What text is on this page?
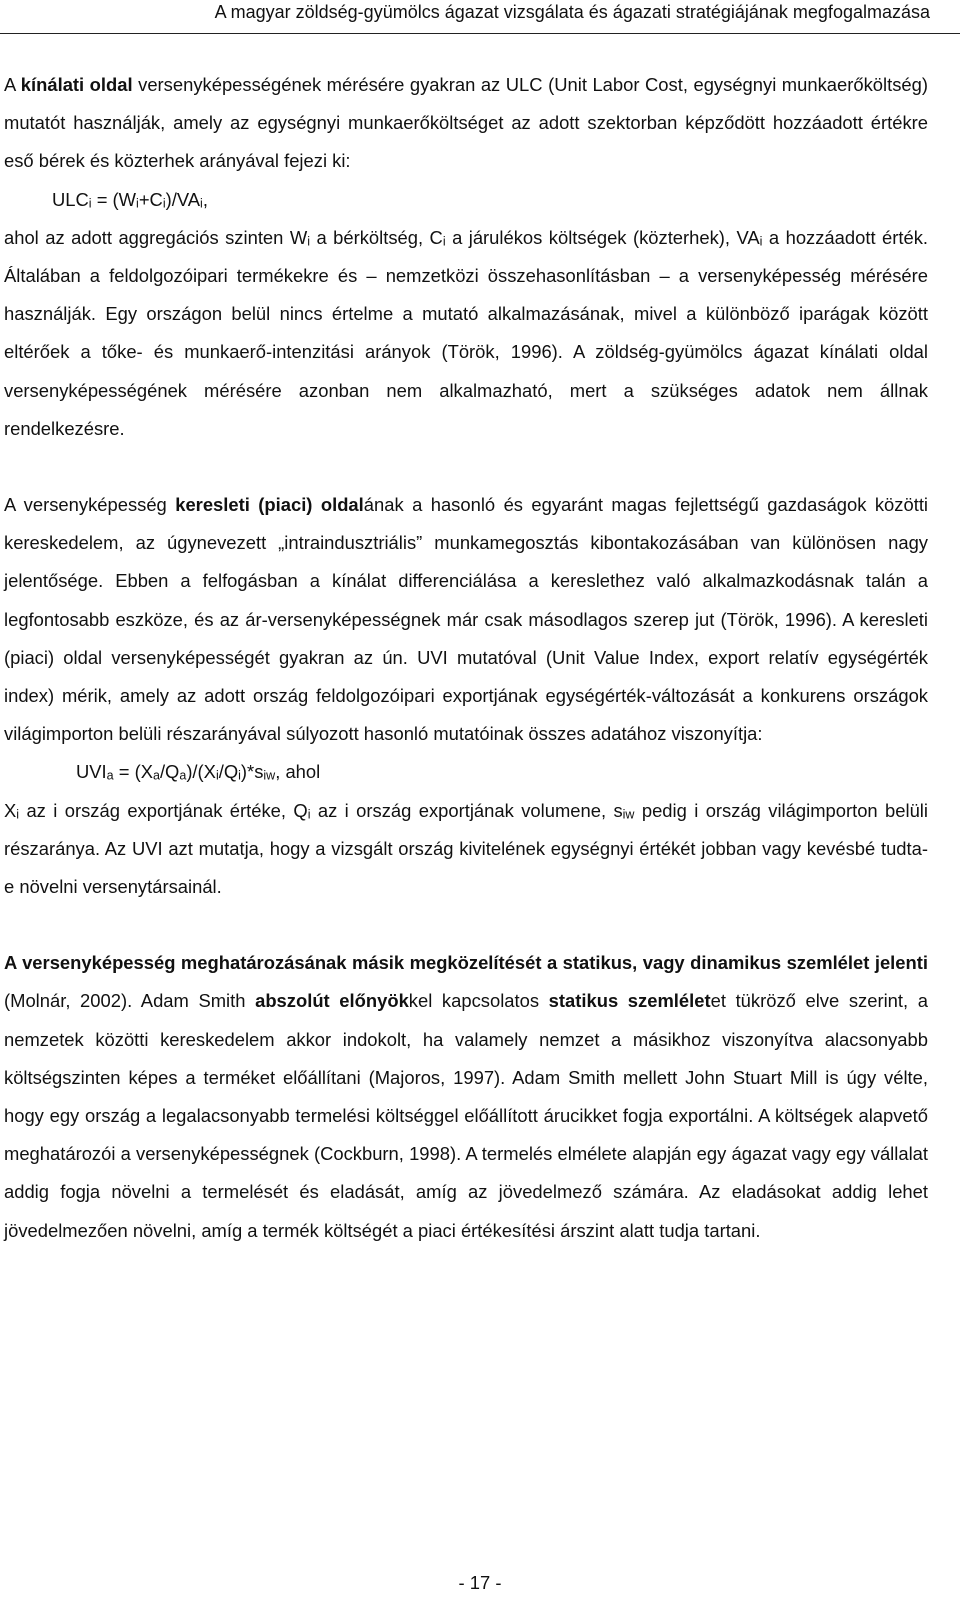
A magyar zöldség-gyümölcs ágazat vizsgálata és ágazati stratégiájának megfogalmazása

A kínálati oldal versenyképességének mérésére gyakran az ULC (Unit Labor Cost, egységnyi munkaerőköltség) mutatót használják, amely az egységnyi munkaerőköltséget az adott szektorban képződött hozzáadott értékre eső bérek és közterhek arányával fejezi ki:

$ULC_i = (W_i+C_i)/VA_i$,

ahol az adott aggregációs szinten $W_i$ a bérköltség, $C_i$ a járulékos költségek (közterhek), $VA_i$ a hozzáadott érték. Általában a feldolgozóipari termékekre és – nemzetközi összehasonlításban – a versenyképesség mérésére használják. Egy országon belül nincs értelme a mutató alkalmazásának, mivel a különböző iparágak között eltérőek a tőke- és munkaerő-intenzitási arányok (Török, 1996). A zöldség-gyümölcs ágazat kínálati oldal versenyképességének mérésére azonban nem alkalmazható, mert a szükséges adatok nem állnak rendelkezésre.

A versenyképesség keresleti (piaci) oldalának a hasonló és egyaránt magas fejlettségű gazdaságok közötti kereskedelem, az úgynevezett „intraindusztriális” munkamegosztás kibontakozásában van különösen nagy jelentősége. Ebben a felfogásban a kínálat differenciálása a kereslethez való alkalmazkodásnak talán a legfontosabb eszköze, és az ár-versenyképességnek már csak másodlagos szerep jut (Török, 1996). A keresleti (piaci) oldal versenyképességét gyakran az ún. UVI mutatóval (Unit Value Index, export relatív egységérték index) mérik, amely az adott ország feldolgozóipari exportjának egységérték-változását a konkurens országok világimporton belüli részarányával súlyozott hasonló mutatóinak összes adatához viszonyítja:

$UVI_a = (X_a/Q_a)/(X_i/Q_i)*s_{iw}$, ahol

$X_i$ az i ország exportjának értéke, $Q_i$ az i ország exportjának volumene, $s_{iw}$ pedig i ország világimporton belüli részaránya. Az UVI azt mutatja, hogy a vizsgált ország kivitelének egységnyi értékét jobban vagy kevésbé tudta-e növelni versenytársainál.

A versenyképesség meghatározásának másik megközelítését a statikus, vagy dinamikus szemlélet jelenti (Molnár, 2002). Adam Smith abszolút előnyökkel kapcsolatos statikus szemléletet tükröző elve szerint, a nemzetek közötti kereskedelem akkor indokolt, ha valamely nemzet a másikhoz viszonyítva alacsonyabb költségszinten képes a terméket előállítani (Majoros, 1997). Adam Smith mellett John Stuart Mill is úgy vélte, hogy egy ország a legalacsonyabb termelési költséggel előállított árucikket fogja exportálni. A költségek alapvető meghatározói a versenyképességnek (Cockburn, 1998). A termelés elmélete alapján egy ágazat vagy egy vállalat addig fogja növelni a termelését és eladását, amíg az jövedelmező számára. Az eladásokat addig lehet jövedelmezően növelni, amíg a termék költségét a piaci értékesítési árszint alatt tudja tartani.

- 17 -
